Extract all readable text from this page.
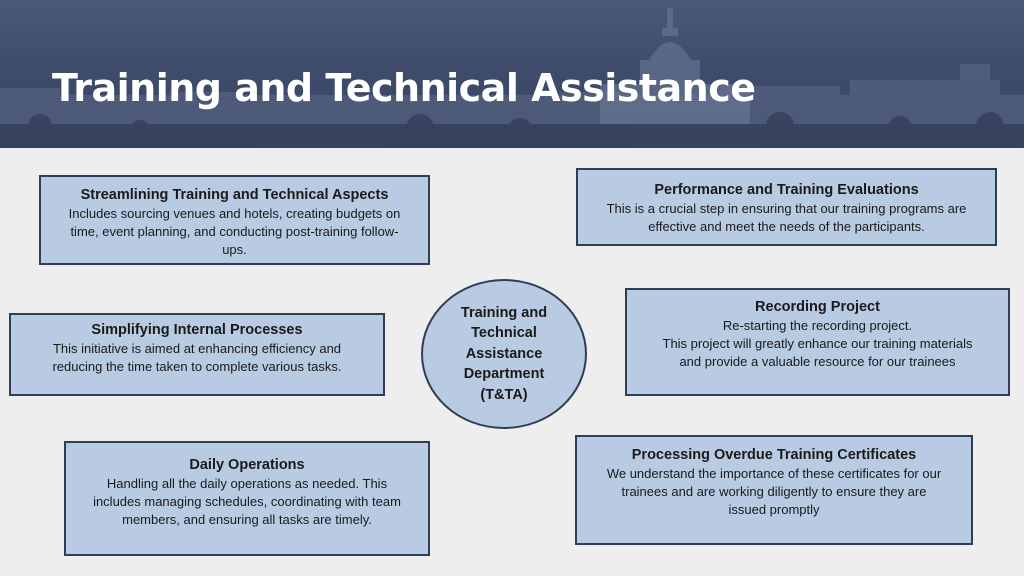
Training and Technical Assistance
Streamlining Training and Technical Aspects
Includes sourcing venues and hotels, creating budgets on
time, event planning, and conducting post-training follow-
ups.
Simplifying Internal Processes
This initiative is aimed at enhancing efficiency and
reducing the time taken to complete various tasks.
Daily Operations
Handling all the daily operations as needed. This
includes managing schedules, coordinating with team
members, and ensuring all tasks are timely.
Performance and Training Evaluations
This is a crucial step in ensuring that our training programs are
effective and meet the needs of the participants.
Recording Project
Re-starting the recording project.
This project will greatly enhance our training materials
and provide a valuable resource for our trainees
Processing Overdue Training Certificates
We understand the importance of these certificates for our
trainees and are working diligently to ensure they are
issued promptly
Training and
Technical
Assistance
Department
(T&TA)
